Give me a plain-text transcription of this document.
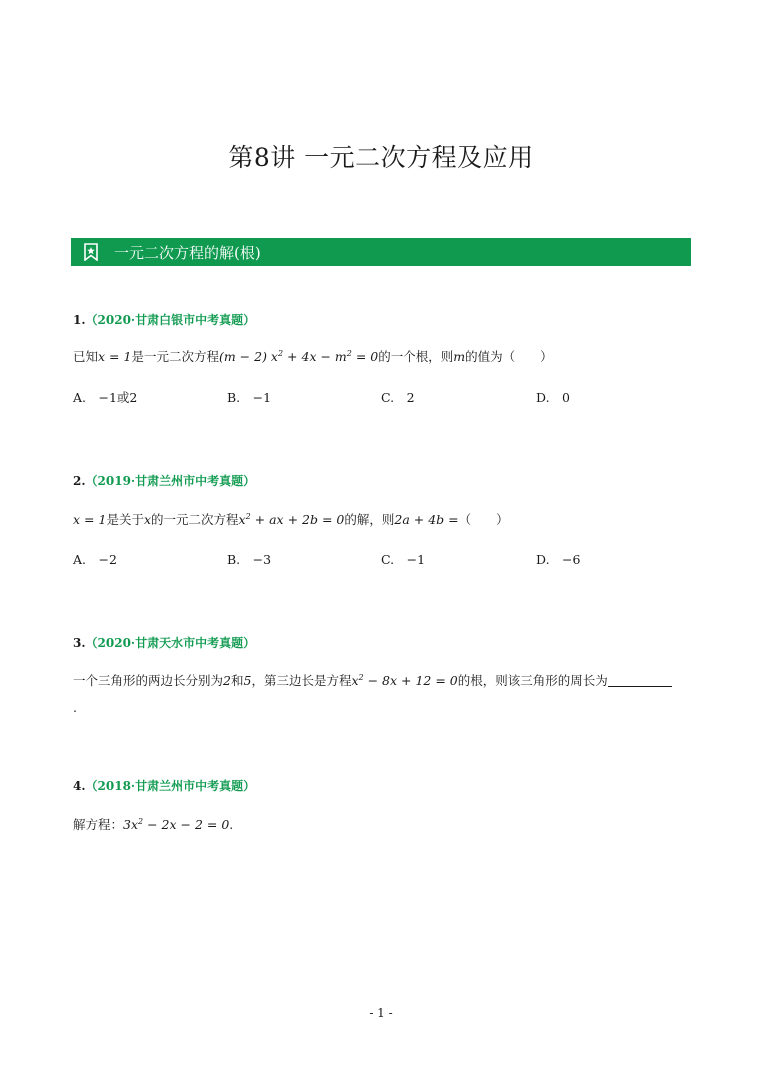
第8讲 一元二次方程及应用
一元二次方程的解(根)
1.（2020·甘肃白银市中考真题）
已知x = 1是一元二次方程(m − 2) $x^2 + 4x - m^2 = 0$的一个根，则m的值为（　　）
A.　−1或2	B.　−1	C.　2	D.　0
2.（2019·甘肃兰州市中考真题）
x = 1是关于x的一元二次方程$x^2$ + ax + 2b = 0的解，则2a + 4b =（　　）
A.　−2	B.　−3	C.　−1	D.　−6
3.（2020·甘肃天水市中考真题）
一个三角形的两边长分别为2和5，第三边长是方程$x^2 - 8x + 12 = 0$的根，则该三角形的周长为
.
4.（2018·甘肃兰州市中考真题）
解方程：$3x^2 - 2x - 2 = 0$.
- 1 -
